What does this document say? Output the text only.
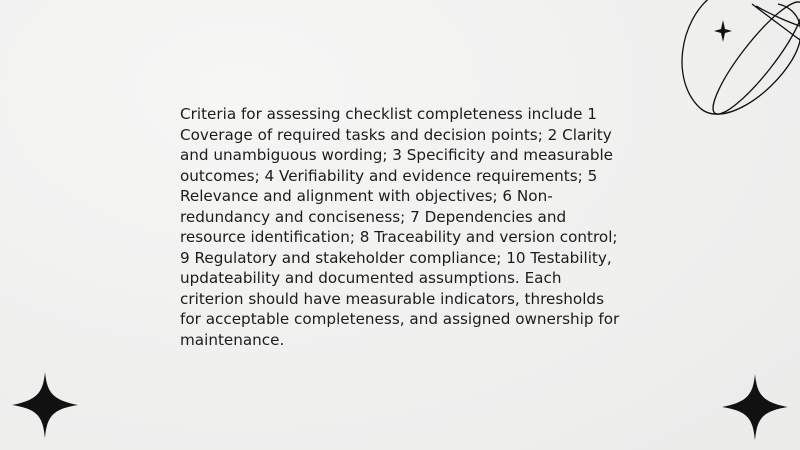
Criteria for assessing checklist completeness include 1 Coverage of required tasks and decision points; 2 Clarity and unambiguous wording; 3 Specificity and measurable outcomes; 4 Verifiability and evidence requirements; 5 Relevance and alignment with objectives; 6 Non-redundancy and conciseness; 7 Dependencies and resource identification; 8 Traceability and version control; 9 Regulatory and stakeholder compliance; 10 Testability, updateability and documented assumptions. Each criterion should have measurable indicators, thresholds for acceptable completeness, and assigned ownership for maintenance.
